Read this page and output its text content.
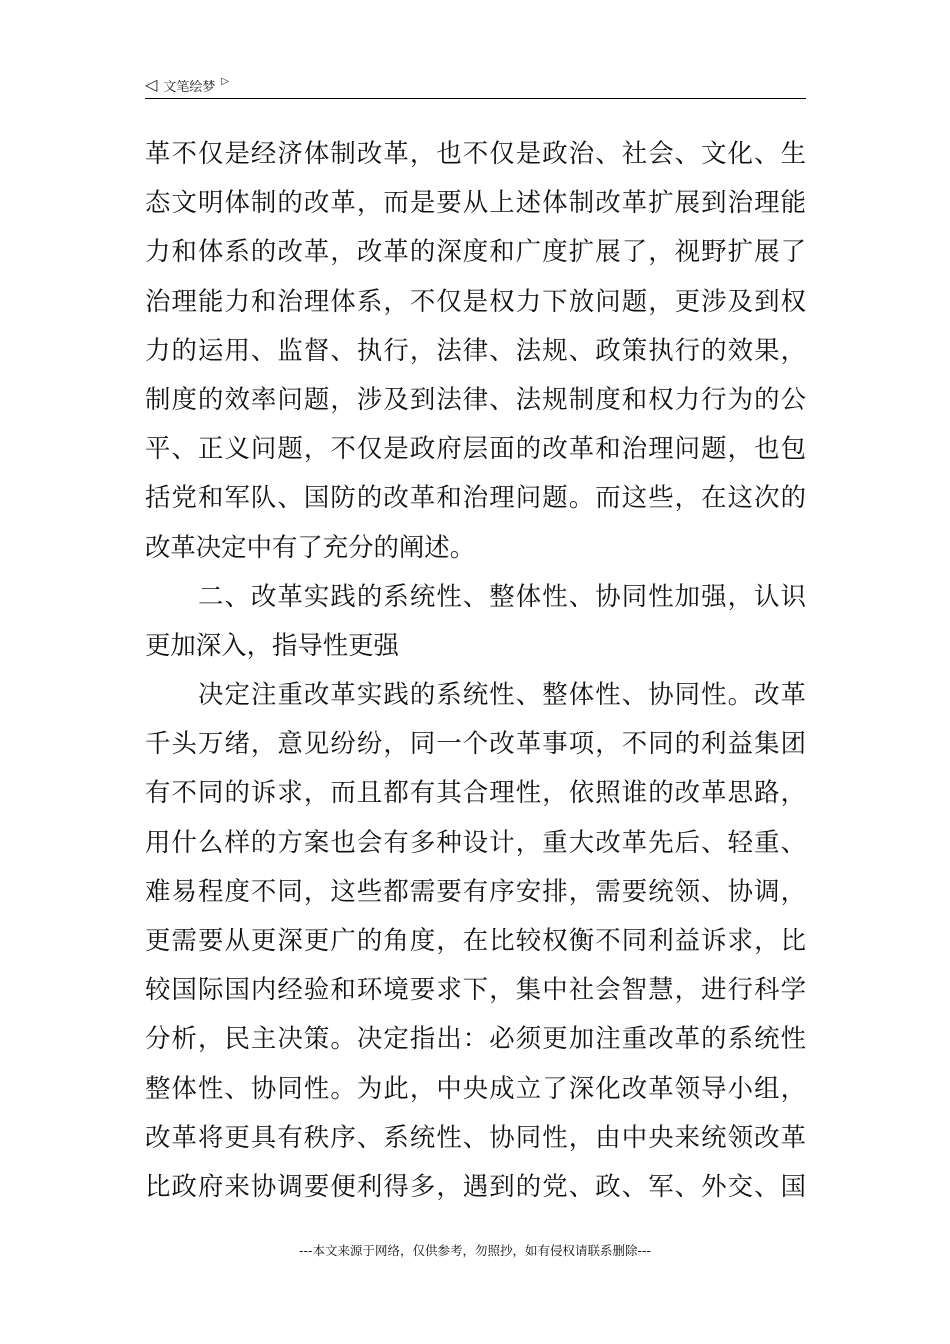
◁ 文笔绘梦 ▷
革不仅是经济体制改革，也不仅是政治、社会、文化、生
态文明体制的改革，而是要从上述体制改革扩展到治理能
力和体系的改革，改革的深度和广度扩展了，视野扩展了
治理能力和治理体系，不仅是权力下放问题，更涉及到权
力的运用、监督、执行，法律、法规、政策执行的效果，
制度的效率问题，涉及到法律、法规制度和权力行为的公
平、正义问题，不仅是政府层面的改革和治理问题，也包
括党和军队、国防的改革和治理问题。而这些，在这次的
改革决定中有了充分的阐述。
二、改革实践的系统性、整体性、协同性加强，认识
更加深入，指导性更强
决定注重改革实践的系统性、整体性、协同性。改革
千头万绪，意见纷纷，同一个改革事项，不同的利益集团
有不同的诉求，而且都有其合理性，依照谁的改革思路，
用什么样的方案也会有多种设计，重大改革先后、轻重、
难易程度不同，这些都需要有序安排，需要统领、协调，
更需要从更深更广的角度，在比较权衡不同利益诉求，比
较国际国内经验和环境要求下，集中社会智慧，进行科学
分析，民主决策。决定指出：必须更加注重改革的系统性
整体性、协同性。为此，中央成立了深化改革领导小组，
改革将更具有秩序、系统性、协同性，由中央来统领改革
比政府来协调要便利得多，遇到的党、政、军、外交、国
---本文来源于网络，仅供参考，勿照抄，如有侵权请联系删除---
